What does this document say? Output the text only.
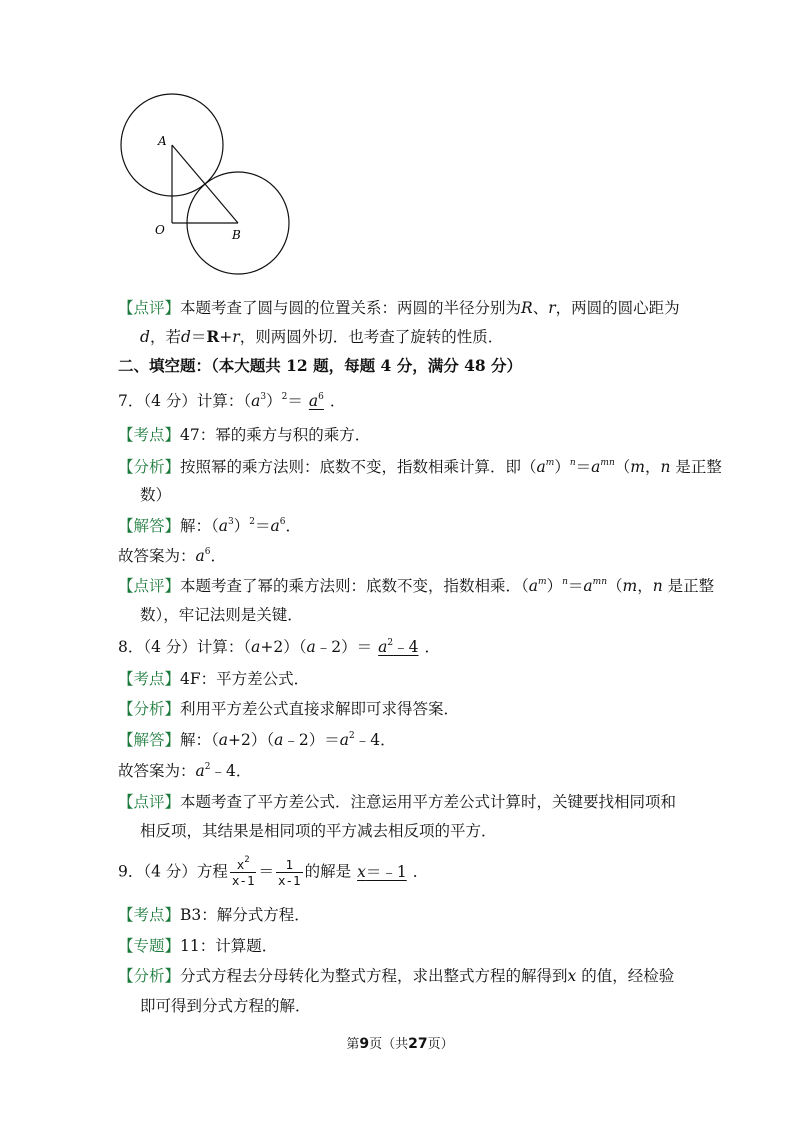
A
O	B
【点评】本题考查了圆与圆的位置关系：两圆的半径分别为R、r，两圆的圆心距为
d，若d＝R+r，则两圆外切．也考查了旋转的性质．
二、填空题：（本大题共 12 题，每题 4 分，满分 48 分）
7．（4 分）计算：$(a^3)^2= a^6$ ．
【考点】47：幂的乘方与积的乘方．
【分析】按照幂的乘方法则：底数不变，指数相乘计算．即$(a^m)^n=a^{mn}(m$，n 是正整
数）
【解答】解：$(a^3)^2=a^6$．
故答案为：$a^6$．
【点评】本题考查了幂的乘方法则：底数不变，指数相乘．$(a^m)^n=a^{mn}(m$，n 是正整
数），牢记法则是关键．
8．（4 分）计算：（a+2）（a﹣2）＝ $a^2﹣4$ ．
【考点】4F：平方差公式．
【分析】利用平方差公式直接求解即可求得答案．
【解答】解：$(a+2)(a﹣2)=a^2﹣4$．
故答案为：$a^2﹣4$．
【点评】本题考查了平方差公式．注意运用平方差公式计算时，关键要找相同项和
相反项，其结果是相同项的平方减去相反项的平方．
9．（4 分）方程 $\frac{x^2}{x-1} = \frac{1}{x-1}$ 的解是 x＝﹣1 ．
【考点】B3：解分式方程．
【专题】11：计算题．
【分析】分式方程去分母转化为整式方程，求出整式方程的解得到x 的值，经检验
即可得到分式方程的解．
第9页（共27页）
